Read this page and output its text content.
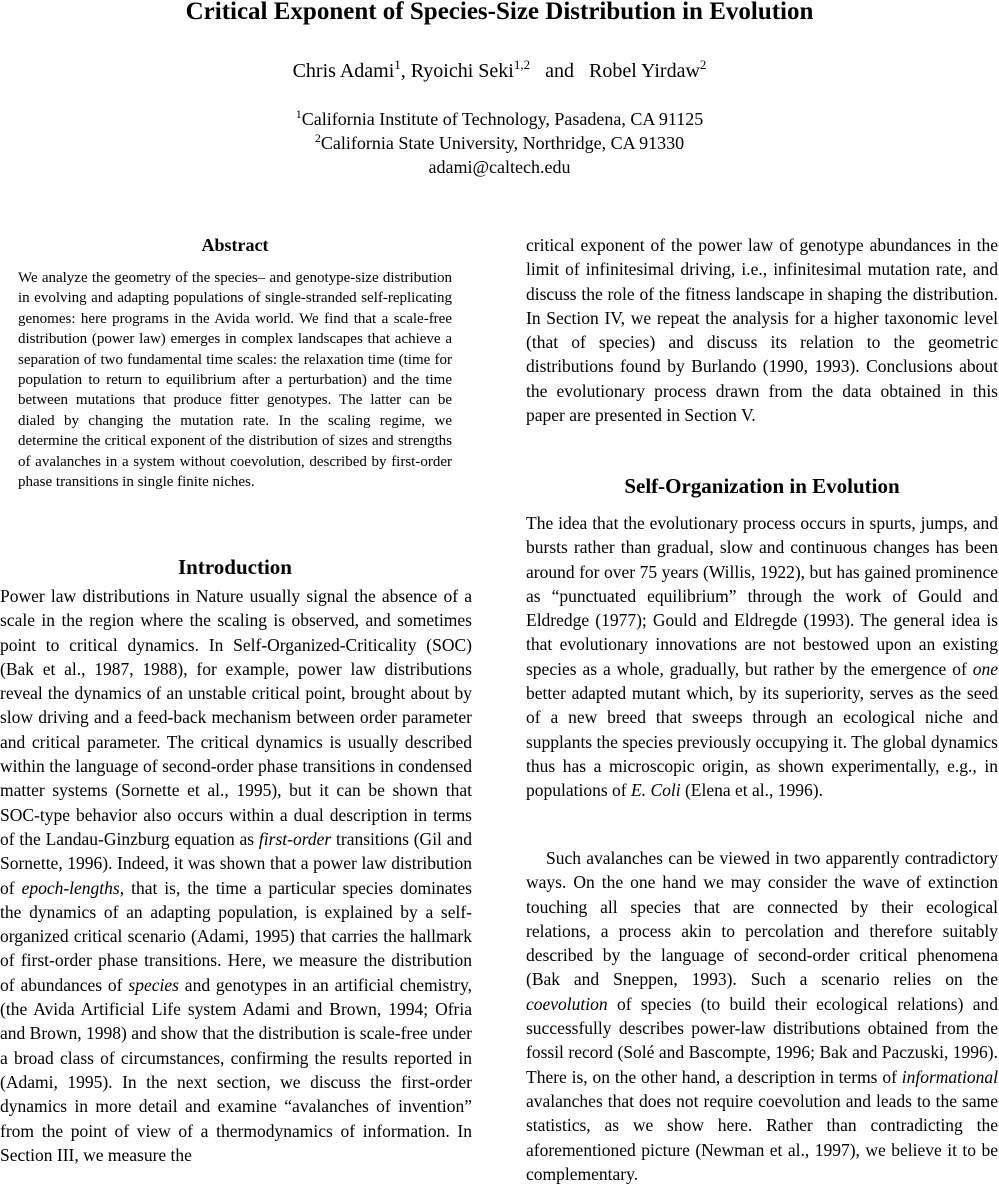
Critical Exponent of Species-Size Distribution in Evolution
Chris Adami$^1$, Ryoichi Seki$^{1,2}$   and   Robel Yirdaw$^2$
$^1$California Institute of Technology, Pasadena, CA 91125
$^2$California State University, Northridge, CA 91330
adami@caltech.edu
Abstract

We analyze the geometry of the species– and genotype-size distribution in evolving and adapting populations of single-stranded self-replicating genomes: here programs in the Avida world. We find that a scale-free distribution (power law) emerges in complex landscapes that achieve a separation of two fundamental time scales: the relaxation time (time for population to return to equilibrium after a perturbation) and the time between mutations that produce fitter genotypes. The latter can be dialed by changing the mutation rate. In the scaling regime, we determine the critical exponent of the distribution of sizes and strengths of avalanches in a system without coevolution, described by first-order phase transitions in single finite niches.

Introduction

Power law distributions in Nature usually signal the absence of a scale in the region where the scaling is observed, and sometimes point to critical dynamics. In Self-Organized-Criticality (SOC) (Bak et al., 1987, 1988), for example, power law distributions reveal the dynamics of an unstable critical point, brought about by slow driving and a feed-back mechanism between order parameter and critical parameter. The critical dynamics is usually described within the language of second-order phase transitions in condensed matter systems (Sornette et al., 1995), but it can be shown that SOC-type behavior also occurs within a dual description in terms of the Landau-Ginzburg equation as first-order transitions (Gil and Sornette, 1996). Indeed, it was shown that a power law distribution of epoch-lengths, that is, the time a particular species dominates the dynamics of an adapting population, is explained by a self-organized critical scenario (Adami, 1995) that carries the hallmark of first-order phase transitions. Here, we measure the distribution of abundances of species and genotypes in an artificial chemistry, (the Avida Artificial Life system Adami and Brown, 1994; Ofria and Brown, 1998) and show that the distribution is scale-free under a broad class of circumstances, confirming the results reported in (Adami, 1995). In the next section, we discuss the first-order dynamics in more detail and examine “avalanches of invention” from the point of view of a thermodynamics of information. In Section III, we measure the

critical exponent of the power law of genotype abundances in the limit of infinitesimal driving, i.e., infinitesimal mutation rate, and discuss the role of the fitness landscape in shaping the distribution. In Section IV, we repeat the analysis for a higher taxonomic level (that of species) and discuss its relation to the geometric distributions found by Burlando (1990, 1993). Conclusions about the evolutionary process drawn from the data obtained in this paper are presented in Section V.

Self-Organization in Evolution

The idea that the evolutionary process occurs in spurts, jumps, and bursts rather than gradual, slow and continuous changes has been around for over 75 years (Willis, 1922), but has gained prominence as “punctuated equilibrium” through the work of Gould and Eldredge (1977); Gould and Eldregde (1993). The general idea is that evolutionary innovations are not bestowed upon an existing species as a whole, gradually, but rather by the emergence of one better adapted mutant which, by its superiority, serves as the seed of a new breed that sweeps through an ecological niche and supplants the species previously occupying it. The global dynamics thus has a microscopic origin, as shown experimentally, e.g., in populations of E. Coli (Elena et al., 1996).

Such avalanches can be viewed in two apparently contradictory ways. On the one hand we may consider the wave of extinction touching all species that are connected by their ecological relations, a process akin to percolation and therefore suitably described by the language of second-order critical phenomena (Bak and Sneppen, 1993). Such a scenario relies on the coevolution of species (to build their ecological relations) and successfully describes power-law distributions obtained from the fossil record (Solé and Bascompte, 1996; Bak and Paczuski, 1996). There is, on the other hand, a description in terms of informational avalanches that does not require coevolution and leads to the same statistics, as we show here. Rather than contradicting the aforementioned picture (Newman et al., 1997), we believe it to be complementary.
